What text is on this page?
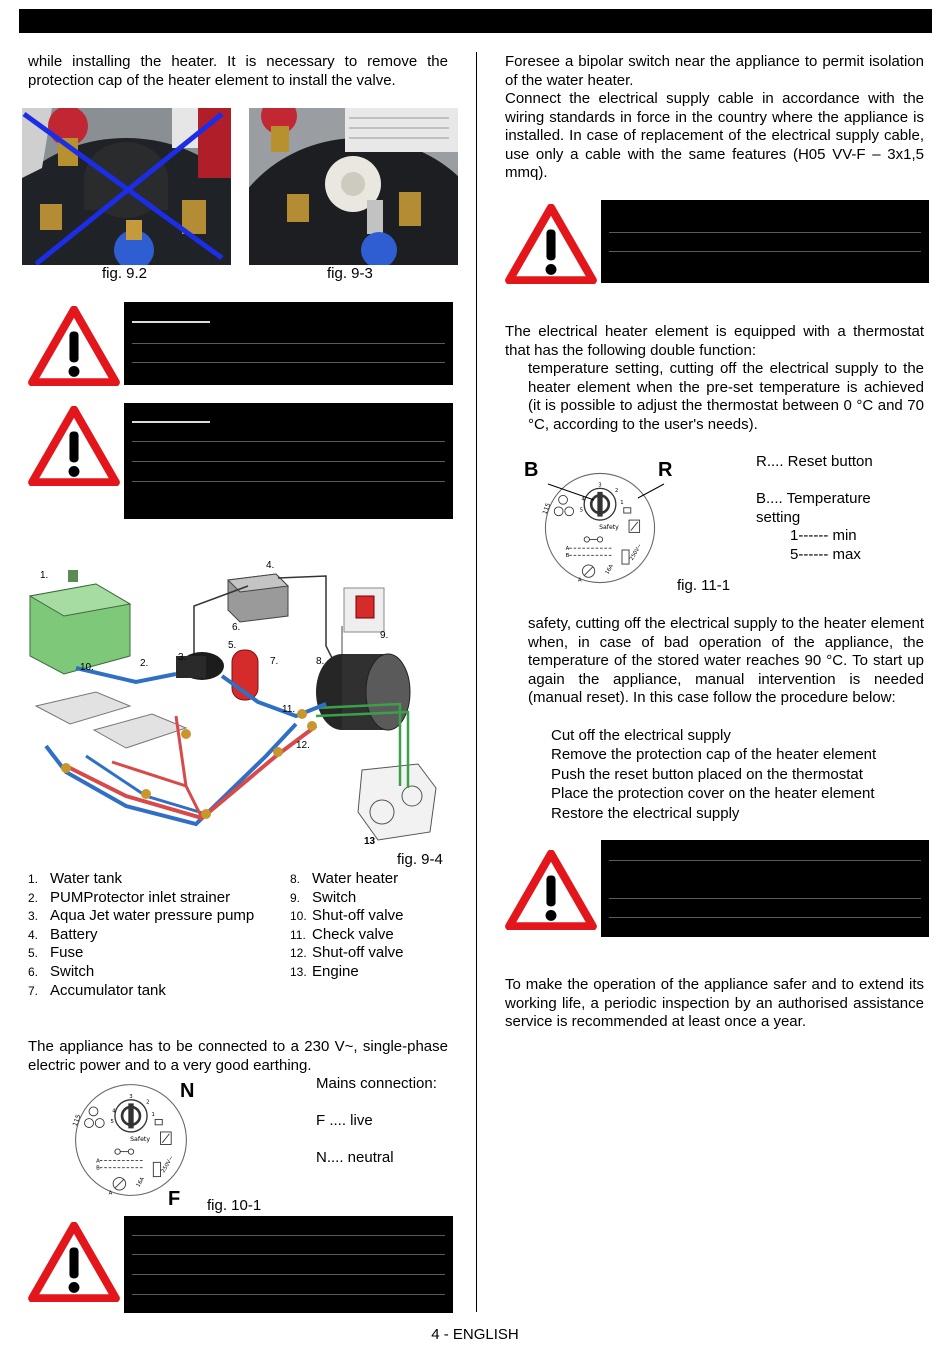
while installing the heater. It is necessary to remove the protection cap of the heater element to install the valve.
fig. 9.2	fig. 9-3
1.
2.
3.
4.
5.
6.
7.	8.
9.
10.
11.
12.
13
fig. 9-4
1. Water tank
2. PUMProtector inlet strainer
3. Aqua Jet water pressure pump
4. Battery
5. Fuse
6. Switch
7. Accumulator tank
8. Water heater
9. Switch
10. Shut-off valve
11. Check valve
12. Shut-off valve
13. Engine
The appliance has to be connected to a 230 V~, single-phase electric power and to a very good earthing.
N
F
Mains connection:
F .... live
N.... neutral
fig. 10-1
Foresee a bipolar switch near the appliance to permit isolation of the water heater.
Connect the electrical supply cable in accordance with the wiring standards in force in the country where the appliance is installed. In case of replacement of the electrical supply cable, use only a cable with the same features (H05 VV-F – 3x1,5 mmq).
The electrical heater element is equipped with a thermostat that has the following double function:
temperature setting, cutting off the electrical supply to the heater element when the pre-set temperature is achieved (it is possible to adjust the thermostat between 0 °C and 70 °C, according to the user's needs).
B	R	R.... Reset button
B.... Temperature setting
1------ min
5------ max
fig. 11-1
safety, cutting off the electrical supply to the heater element when, in case of bad operation of the appliance, the temperature of the stored water reaches 90 °C. To start up again the appliance, manual intervention is needed (manual reset). In this case follow the procedure below:
Cut off the electrical supply
Remove the protection cap of the heater element
Push the reset button placed on the thermostat
Place the protection cover on the heater element
Restore the electrical supply
To make the operation of the appliance safer and to extend its working life, a periodic inspection by an authorised assistance service is recommended at least once a year.
4 - ENGLISH
